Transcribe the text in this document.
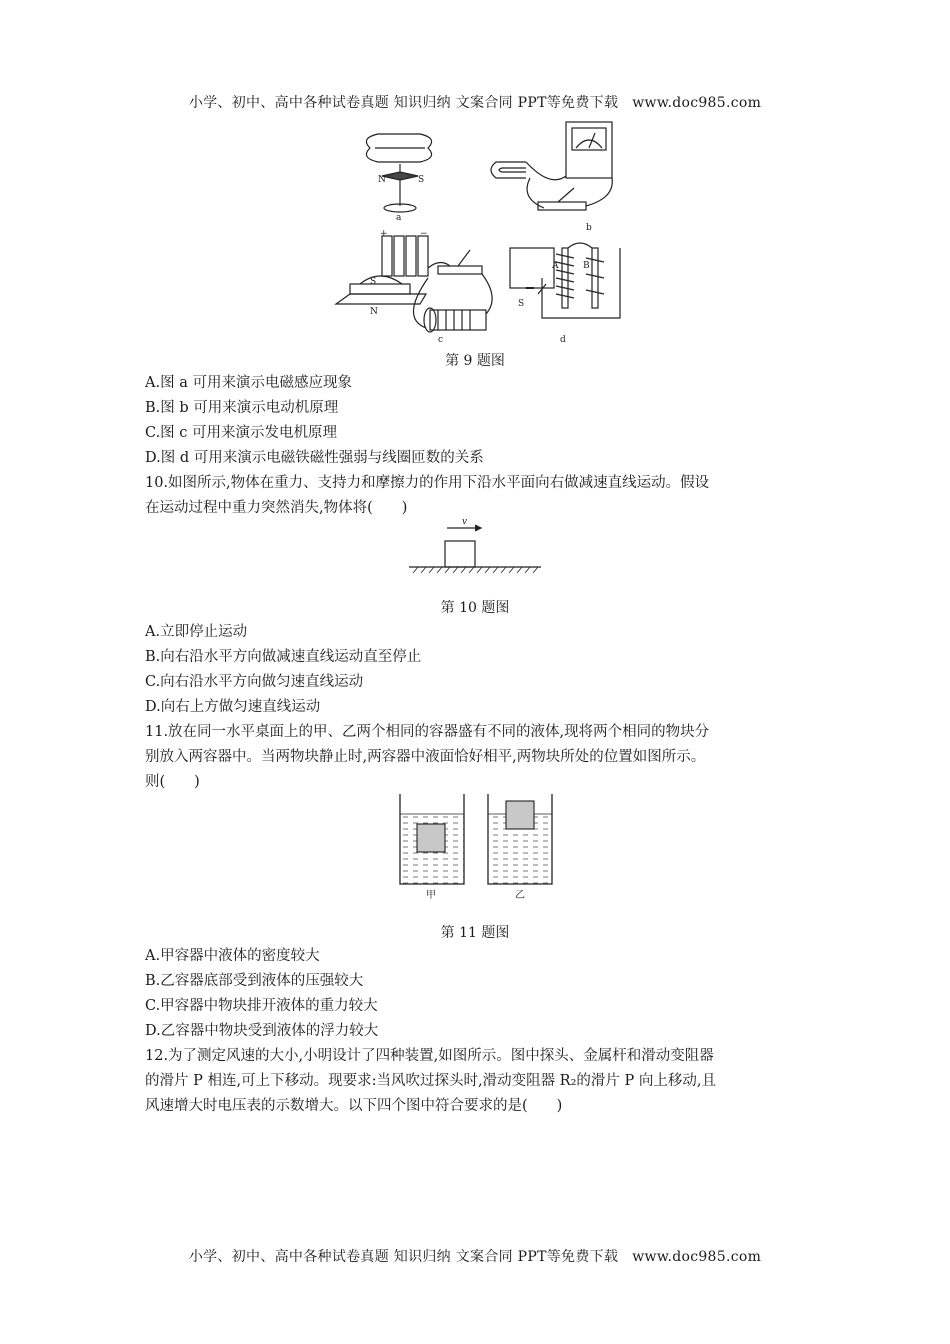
小学、初中、高中各种试卷真题 知识归纳 文案合同 PPT等免费下载 www.doc985.com
a
b
c	d
N	S
S
N
S
A	B
+	−
第 9 题图
A.图 a 可用来演示电磁感应现象
B.图 b 可用来演示电动机原理
C.图 c 可用来演示发电机原理
D.图 d 可用来演示电磁铁磁性强弱与线圈匝数的关系
10.如图所示,物体在重力、支持力和摩擦力的作用下沿水平面向右做减速直线运动。假设
在运动过程中重力突然消失,物体将(　　)
v
第 10 题图
A.立即停止运动
B.向右沿水平方向做减速直线运动直至停止
C.向右沿水平方向做匀速直线运动
D.向右上方做匀速直线运动
11.放在同一水平桌面上的甲、乙两个相同的容器盛有不同的液体,现将两个相同的物块分
别放入两容器中。当两物块静止时,两容器中液面恰好相平,两物块所处的位置如图所示。
则(　　)
甲	乙
第 11 题图
A.甲容器中液体的密度较大
B.乙容器底部受到液体的压强较大
C.甲容器中物块排开液体的重力较大
D.乙容器中物块受到液体的浮力较大
12.为了测定风速的大小,小明设计了四种装置,如图所示。图中探头、金属杆和滑动变阻器
的滑片 P 相连,可上下移动。现要求:当风吹过探头时,滑动变阻器 R₂的滑片 P 向上移动,且
风速增大时电压表的示数增大。以下四个图中符合要求的是(　　)
小学、初中、高中各种试卷真题 知识归纳 文案合同 PPT等免费下载 www.doc985.com
